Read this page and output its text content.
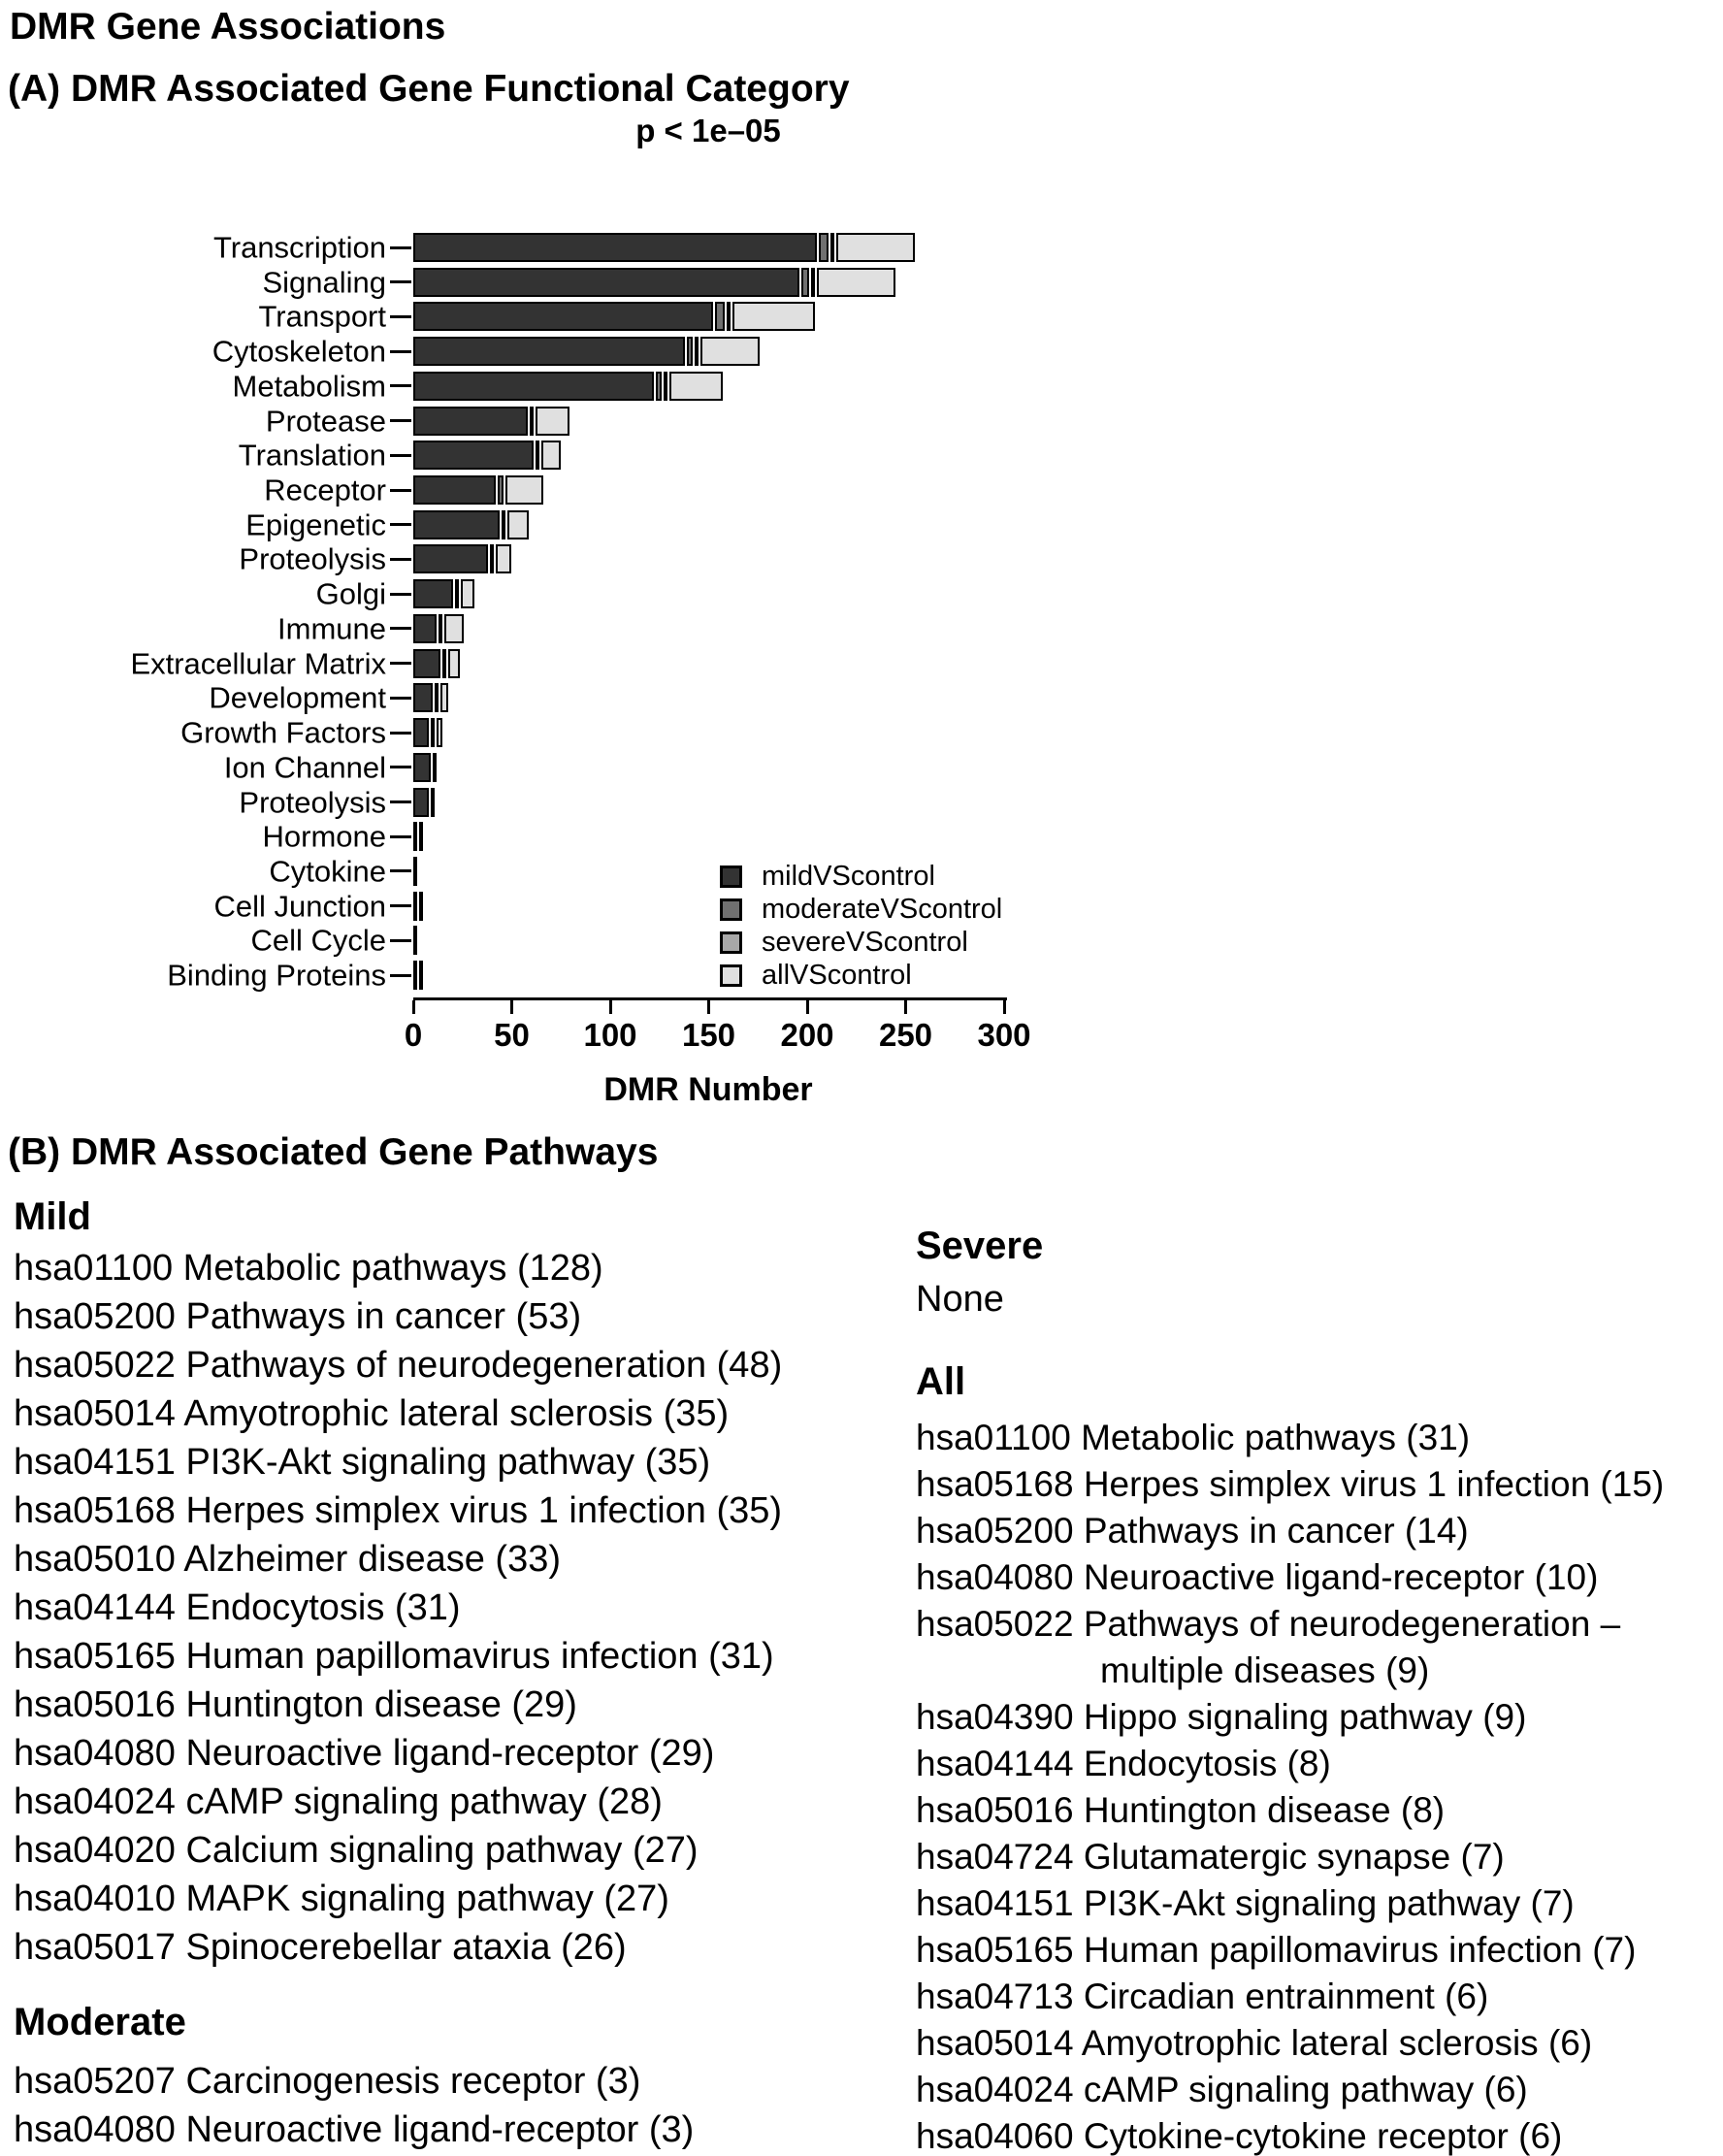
DMR Gene Associations
(A) DMR Associated Gene Functional Category
p < 1e–05
Transcription
Signaling
Transport
Cytoskeleton
Metabolism
Protease
Translation
Receptor
Epigenetic
Proteolysis
Golgi
Immune
Extracellular Matrix
Development
Growth Factors
Ion Channel
Proteolysis
Hormone
Cytokine
Cell Junction
Cell Cycle
Binding Proteins
0 50 100 150 200 250 300
DMR Number
mildVScontrol
moderateVScontrol
severeVScontrol
allVScontrol
(B) DMR Associated Gene Pathways
Mild
hsa01100 Metabolic pathways (128)
hsa05200 Pathways in cancer (53)
hsa05022 Pathways of neurodegeneration (48)
hsa05014 Amyotrophic lateral sclerosis (35)
hsa04151 PI3K-Akt signaling pathway (35)
hsa05168 Herpes simplex virus 1 infection (35)
hsa05010 Alzheimer disease (33)
hsa04144 Endocytosis (31)
hsa05165 Human papillomavirus infection (31)
hsa05016 Huntington disease (29)
hsa04080 Neuroactive ligand-receptor (29)
hsa04024 cAMP signaling pathway (28)
hsa04020 Calcium signaling pathway (27)
hsa04010 MAPK signaling pathway (27)
hsa05017 Spinocerebellar ataxia (26)
Moderate
hsa05207 Carcinogenesis receptor (3)
hsa04080 Neuroactive ligand-receptor (3)
Severe
None
All
hsa01100 Metabolic pathways (31)
hsa05168 Herpes simplex virus 1 infection (15)
hsa05200 Pathways in cancer (14)
hsa04080 Neuroactive ligand-receptor (10)
hsa05022 Pathways of neurodegeneration –
multiple diseases (9)
hsa04390 Hippo signaling pathway (9)
hsa04144 Endocytosis (8)
hsa05016 Huntington disease (8)
hsa04724 Glutamatergic synapse (7)
hsa04151 PI3K-Akt signaling pathway (7)
hsa05165 Human papillomavirus infection (7)
hsa04713 Circadian entrainment (6)
hsa05014 Amyotrophic lateral sclerosis (6)
hsa04024 cAMP signaling pathway (6)
hsa04060 Cytokine-cytokine receptor (6)
